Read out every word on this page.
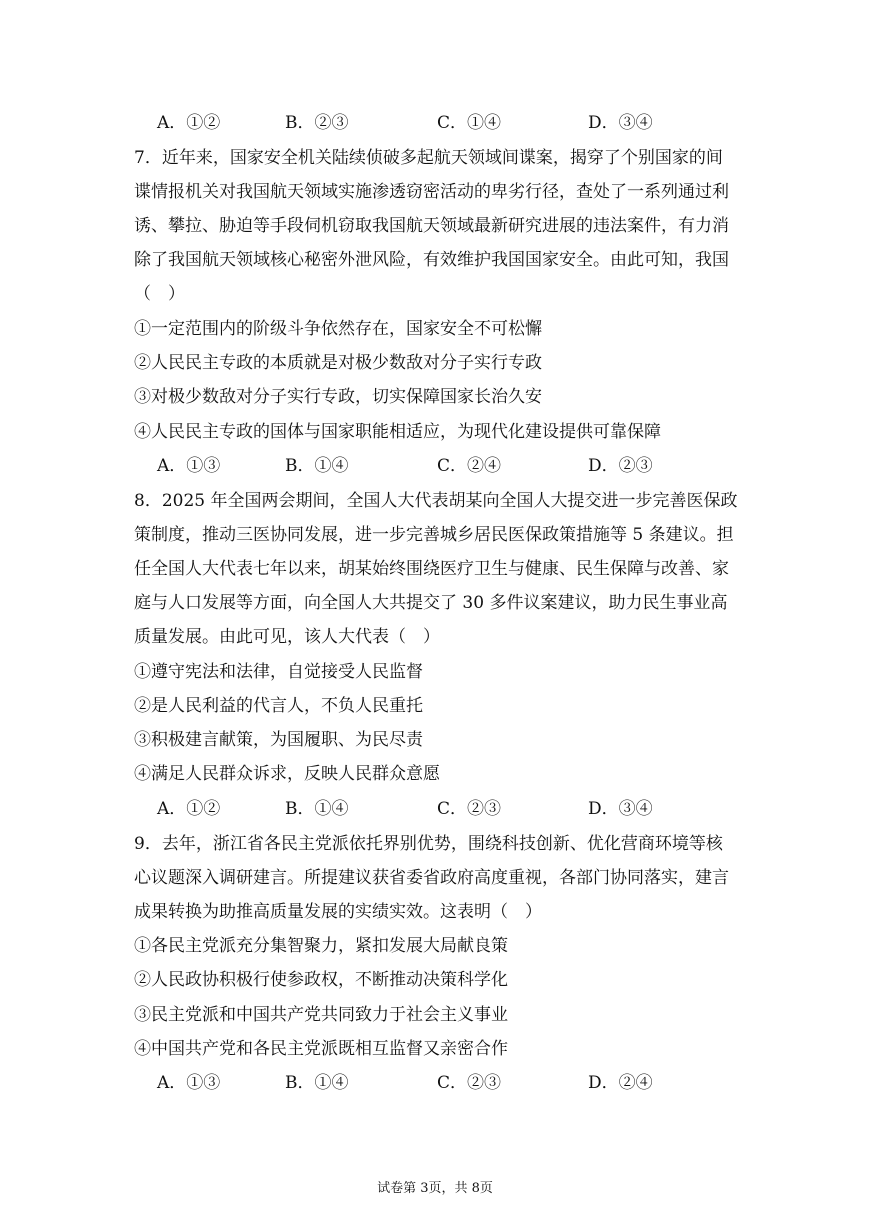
A．①②	B．②③	C．①④	D．③④
7．近年来，国家安全机关陆续侦破多起航天领域间谍案，揭穿了个别国家的间
谍情报机关对我国航天领域实施渗透窃密活动的卑劣行径，查处了一系列通过利
诱、攀拉、胁迫等手段伺机窃取我国航天领域最新研究进展的违法案件，有力消
除了我国航天领域核心秘密外泄风险，有效维护我国国家安全。由此可知，我国
（　）
①一定范围内的阶级斗争依然存在，国家安全不可松懈
②人民民主专政的本质就是对极少数敌对分子实行专政
③对极少数敌对分子实行专政，切实保障国家长治久安
④人民民主专政的国体与国家职能相适应，为现代化建设提供可靠保障
A．①③	B．①④	C．②④	D．②③
8．2025 年全国两会期间，全国人大代表胡某向全国人大提交进一步完善医保政
策制度，推动三医协同发展，进一步完善城乡居民医保政策措施等 5 条建议。担
任全国人大代表七年以来，胡某始终围绕医疗卫生与健康、民生保障与改善、家
庭与人口发展等方面，向全国人大共提交了 30 多件议案建议，助力民生事业高
质量发展。由此可见，该人大代表（　）
①遵守宪法和法律，自觉接受人民监督
②是人民利益的代言人，不负人民重托
③积极建言献策，为国履职、为民尽责
④满足人民群众诉求，反映人民群众意愿
A．①②	B．①④	C．②③	D．③④
9．去年，浙江省各民主党派依托界别优势，围绕科技创新、优化营商环境等核
心议题深入调研建言。所提建议获省委省政府高度重视，各部门协同落实，建言
成果转换为助推高质量发展的实绩实效。这表明（　）
①各民主党派充分集智聚力，紧扣发展大局献良策
②人民政协积极行使参政权，不断推动决策科学化
③民主党派和中国共产党共同致力于社会主义事业
④中国共产党和各民主党派既相互监督又亲密合作
A．①③	B．①④	C．②③	D．②④
试卷第 3页，共 8页
